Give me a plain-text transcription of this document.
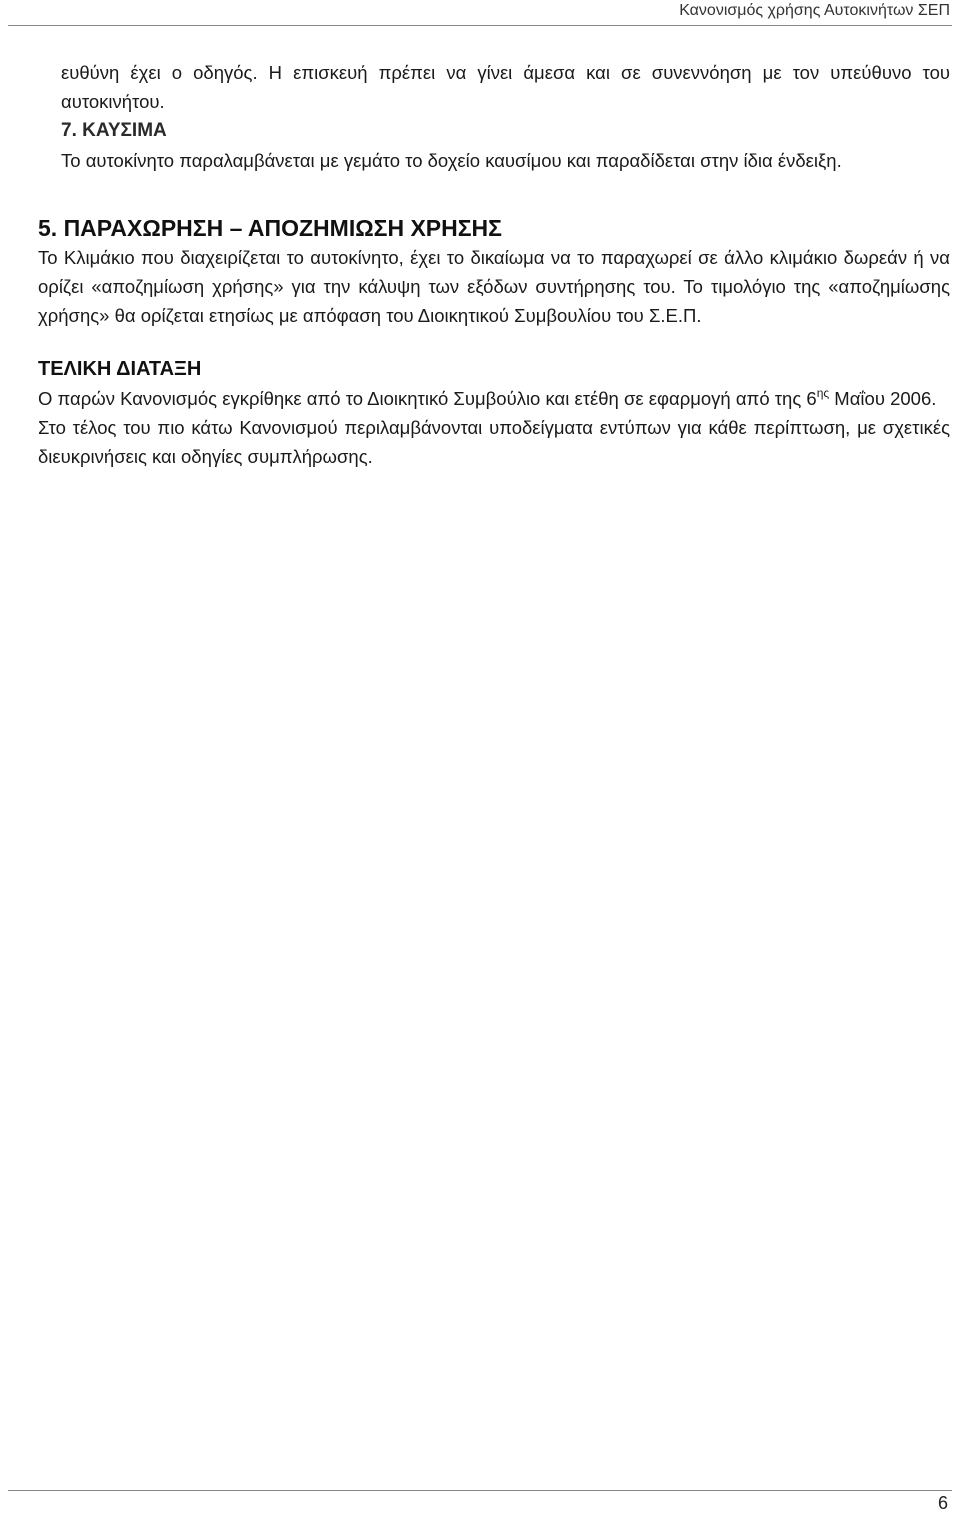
Κανονισμός χρήσης Αυτοκινήτων ΣΕΠ

ευθύνη έχει ο οδηγός. Η επισκευή πρέπει να γίνει άμεσα και σε συνεννόηση με τον υπεύθυνο του αυτοκινήτου.

7. ΚΑΥΣΙΜΑ

Το αυτοκίνητο παραλαμβάνεται με γεμάτο το δοχείο καυσίμου και παραδίδεται στην ίδια ένδειξη.

5. ΠΑΡΑΧΩΡΗΣΗ – ΑΠΟΖΗΜΙΩΣΗ ΧΡΗΣΗΣ

Το Κλιμάκιο που διαχειρίζεται το αυτοκίνητο, έχει το δικαίωμα να το παραχωρεί σε άλλο κλιμάκιο δωρεάν ή να ορίζει «αποζημίωση χρήσης» για την κάλυψη των εξόδων συντήρησης του. Το τιμολόγιο της «αποζημίωσης χρήσης» θα ορίζεται ετησίως με απόφαση του Διοικητικού Συμβουλίου του Σ.Ε.Π.

ΤΕΛΙΚΗ ΔΙΑΤΑΞΗ

Ο παρών Κανονισμός εγκρίθηκε από το Διοικητικό Συμβούλιο και ετέθη σε εφαρμογή από της $6^{\eta\varsigma}$ Μαΐου 2006.

Στο τέλος του πιο κάτω Κανονισμού περιλαμβάνονται υποδείγματα εντύπων για κάθε περίπτωση, με σχετικές διευκρινήσεις και οδηγίες συμπλήρωσης.

6
